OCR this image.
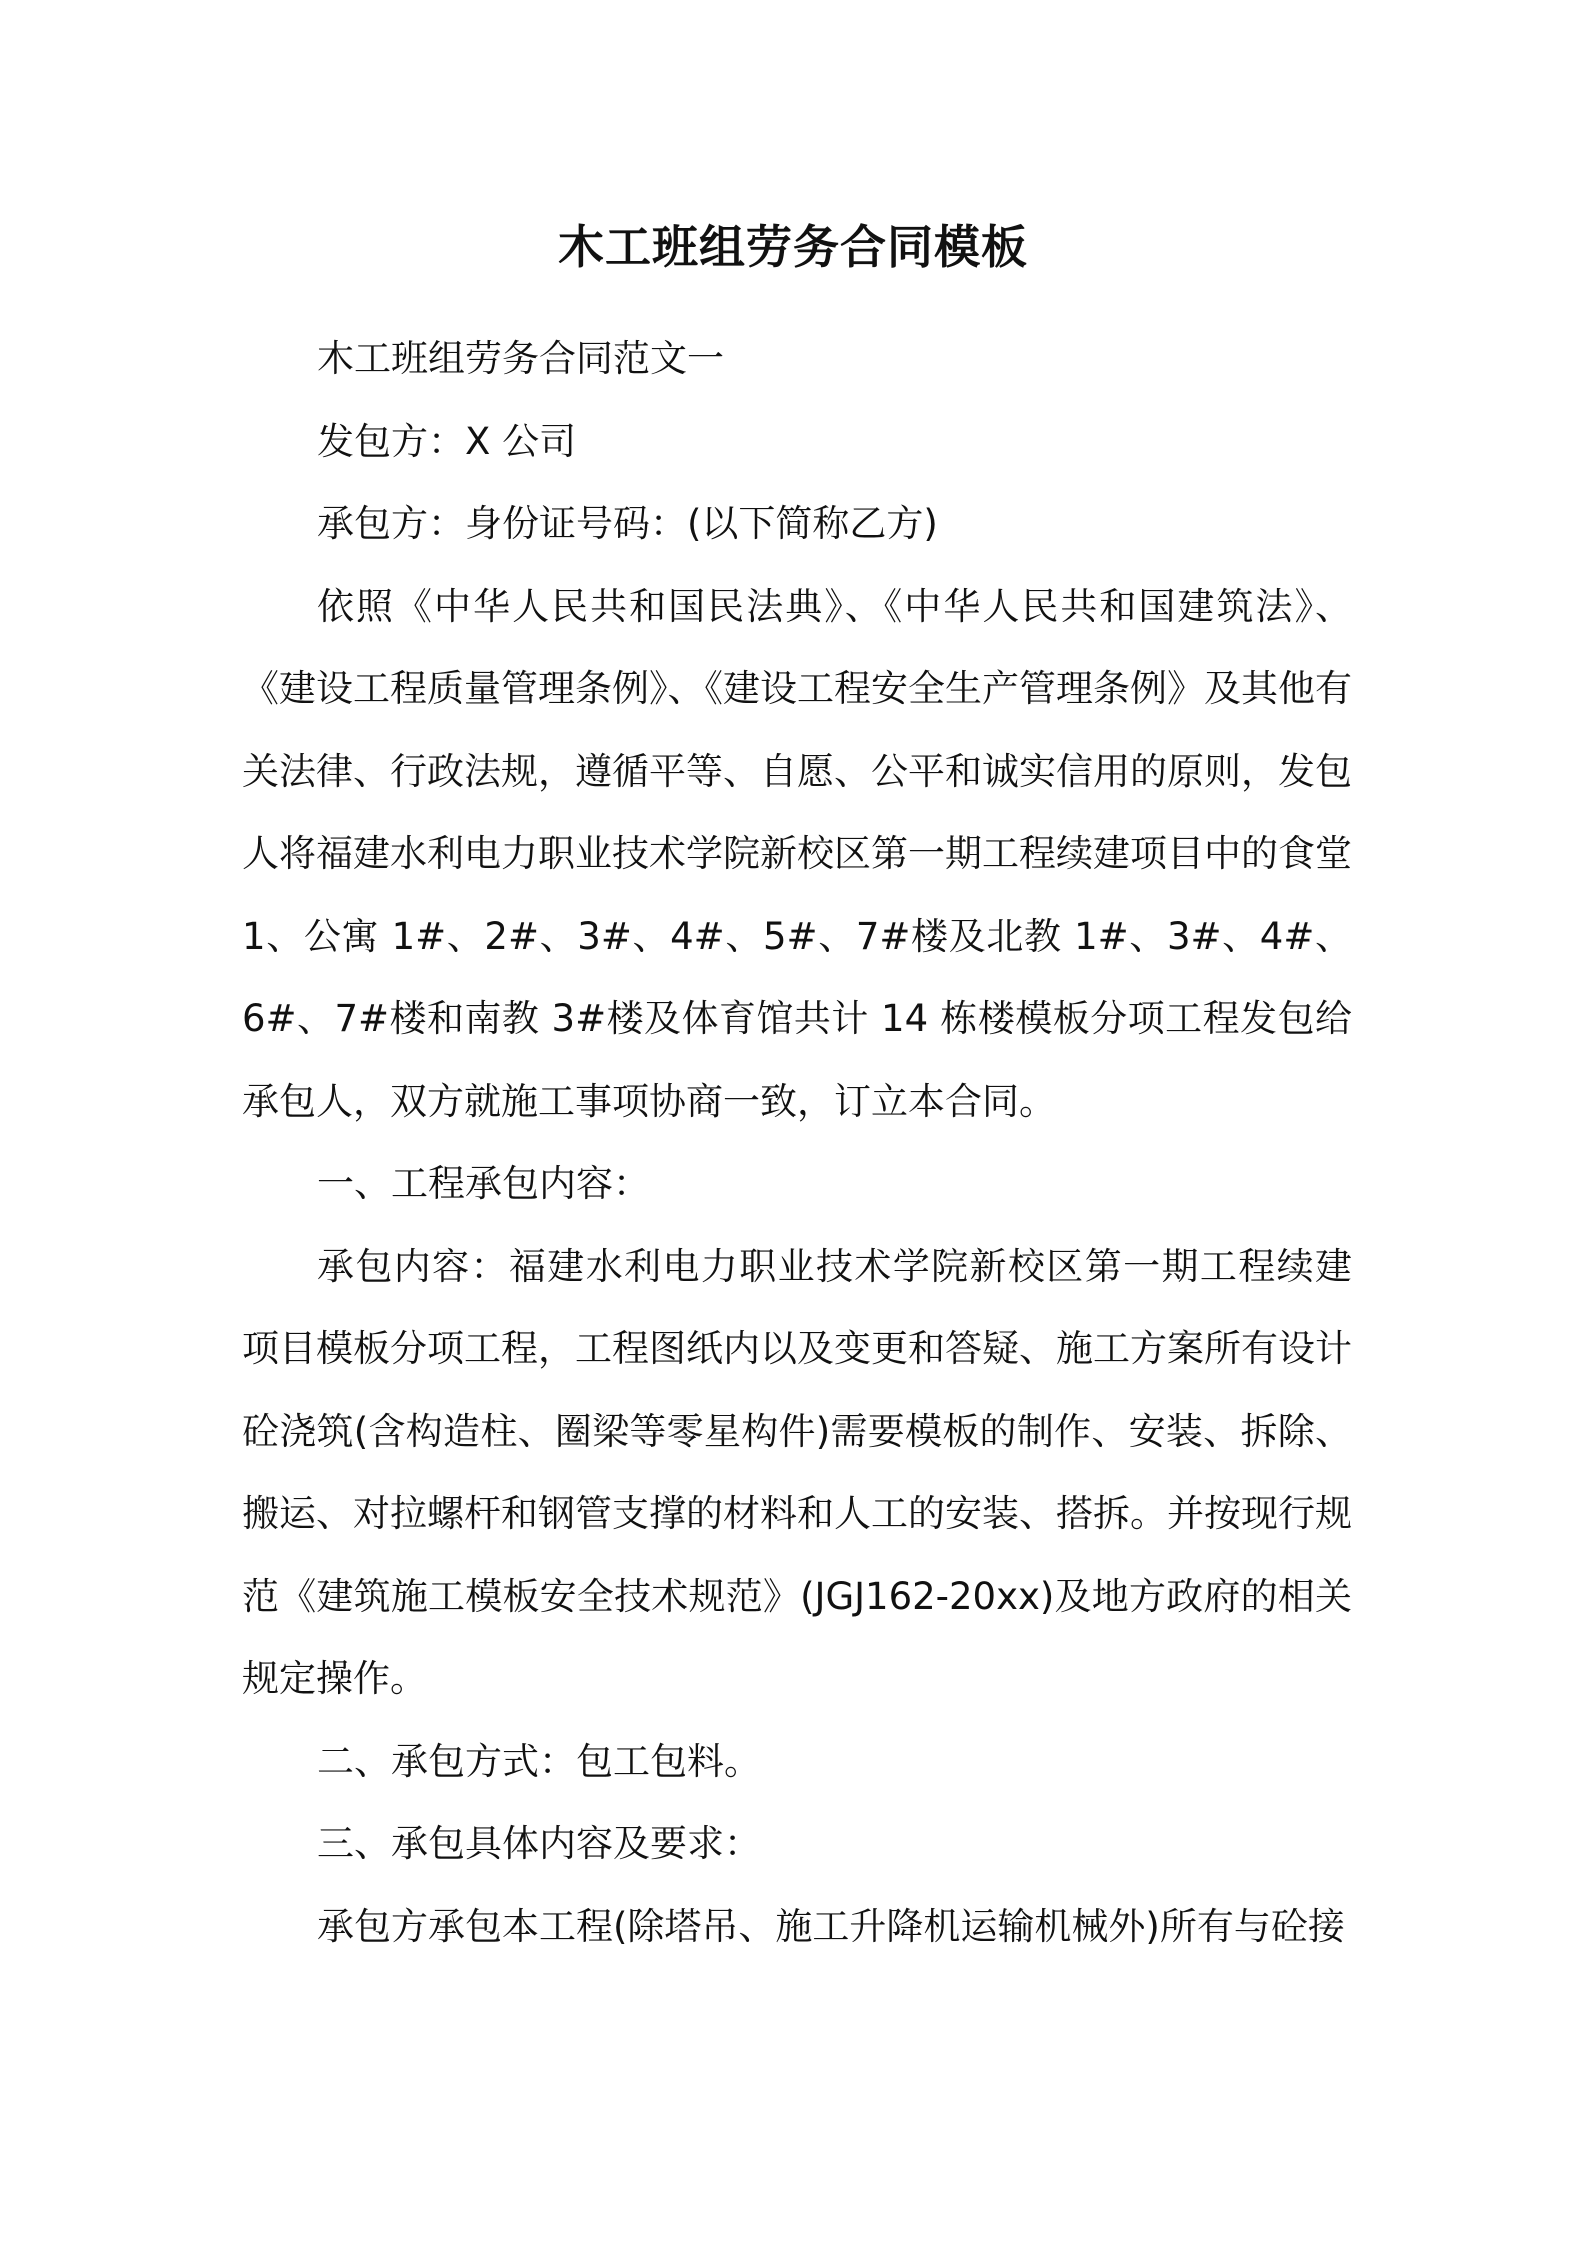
木工班组劳务合同模板

木工班组劳务合同范文一

发包方：X 公司

承包方：身份证号码：(以下简称乙方)

依照《中华人民共和国民法典》、《中华人民共和国建筑法》、《建设工程质量管理条例》、《建设工程安全生产管理条例》及其他有关法律、行政法规，遵循平等、自愿、公平和诚实信用的原则，发包人将福建水利电力职业技术学院新校区第一期工程续建项目中的食堂 1、公寓 1#、2#、3#、4#、5#、7#楼及北教 1#、3#、4#、6#、7#楼和南教 3#楼及体育馆共计 14 栋楼模板分项工程发包给承包人，双方就施工事项协商一致，订立本合同。

一、工程承包内容：

承包内容：福建水利电力职业技术学院新校区第一期工程续建项目模板分项工程，工程图纸内以及变更和答疑、施工方案所有设计砼浇筑(含构造柱、圈梁等零星构件)需要模板的制作、安装、拆除、搬运、对拉螺杆和钢管支撑的材料和人工的安装、搭拆。并按现行规范《建筑施工模板安全技术规范》(JGJ162-20xx)及地方政府的相关规定操作。

二、承包方式：包工包料。

三、承包具体内容及要求：

承包方承包本工程(除塔吊、施工升降机运输机械外)所有与砼接
